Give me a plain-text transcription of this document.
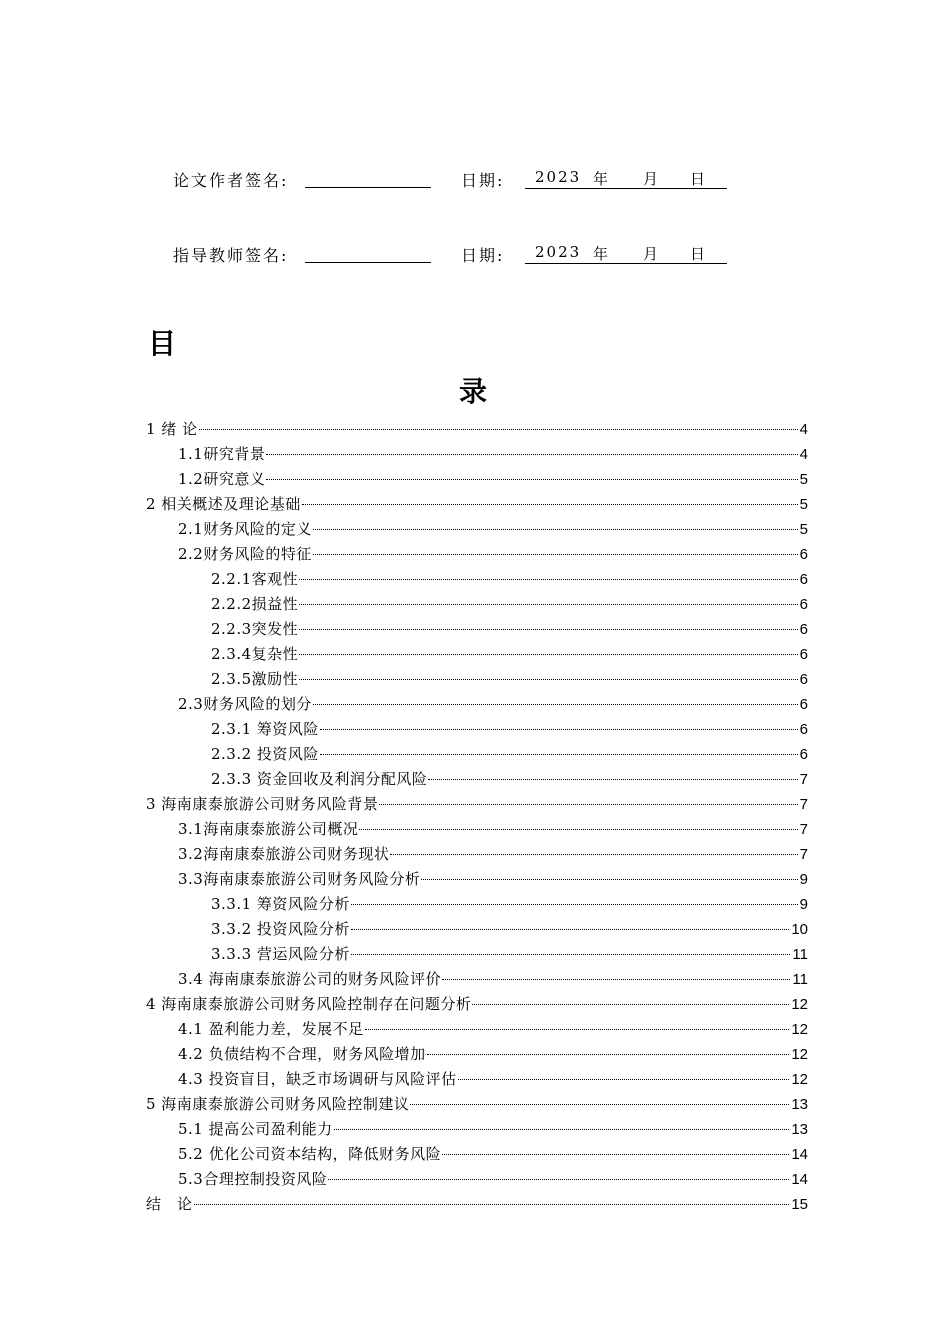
论文作者签名:	日期: 2023 年 月 日
指导教师签名:	日期: 2023 年 月 日
目
录
1 绪 论	4
1.1研究背景	4
1.2研究意义	5
2 相关概述及理论基础	5
2.1财务风险的定义	5
2.2财务风险的特征	6
2.2.1客观性	6
2.2.2损益性	6
2.2.3突发性	6
2.3.4复杂性	6
2.3.5激励性	6
2.3财务风险的划分	6
2.3.1 筹资风险	6
2.3.2 投资风险	6
2.3.3 资金回收及利润分配风险	7
3 海南康泰旅游公司财务风险背景	7
3.1海南康泰旅游公司概况	7
3.2海南康泰旅游公司财务现状	7
3.3海南康泰旅游公司财务风险分析	9
3.3.1 筹资风险分析	9
3.3.2 投资风险分析	10
3.3.3 营运风险分析	11
3.4 海南康泰旅游公司的财务风险评价	11
4 海南康泰旅游公司财务风险控制存在问题分析	12
4.1 盈利能力差，发展不足	12
4.2 负债结构不合理，财务风险增加	12
4.3 投资盲目，缺乏市场调研与风险评估	12
5 海南康泰旅游公司财务风险控制建议	13
5.1 提高公司盈利能力	13
5.2 优化公司资本结构，降低财务风险	14
5.3合理控制投资风险	14
结　论	15
